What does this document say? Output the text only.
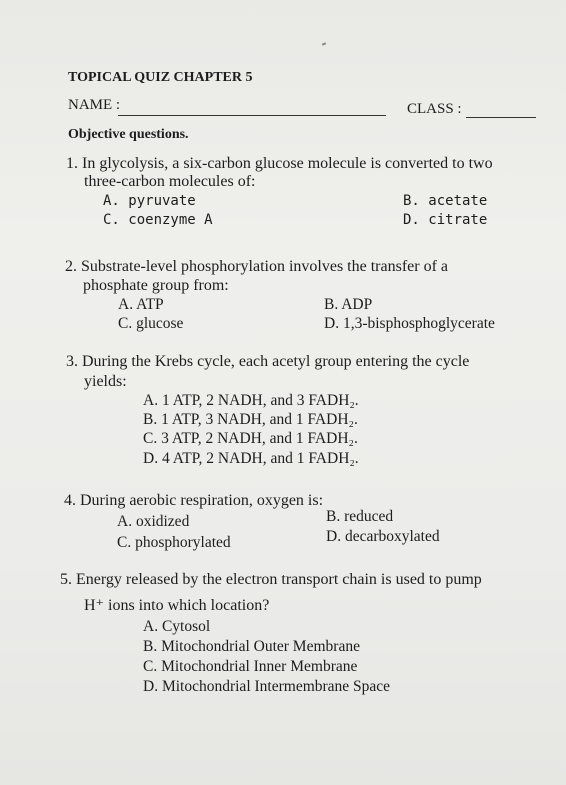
TOPICAL QUIZ CHAPTER 5
NAME :	CLASS :
Objective questions.
1. In glycolysis, a six-carbon glucose molecule is converted to two
three-carbon molecules of:
A. pyruvate	B. acetate
C. coenzyme A	D. citrate
2. Substrate-level phosphorylation involves the transfer of a
phosphate group from:
A. ATP	B. ADP
C. glucose	D. 1,3-bisphosphoglycerate
3. During the Krebs cycle, each acetyl group entering the cycle
yields:
A. 1 ATP, 2 NADH, and 3 FADH₂.
B. 1 ATP, 3 NADH, and 1 FADH₂.
C. 3 ATP, 2 NADH, and 1 FADH₂.
D. 4 ATP, 2 NADH, and 1 FADH₂.
4. During aerobic respiration, oxygen is:
A. oxidized	B. reduced
C. phosphorylated	D. decarboxylated
5. Energy released by the electron transport chain is used to pump
H⁺ ions into which location?
A. Cytosol
B. Mitochondrial Outer Membrane
C. Mitochondrial Inner Membrane
D. Mitochondrial Intermembrane Space
